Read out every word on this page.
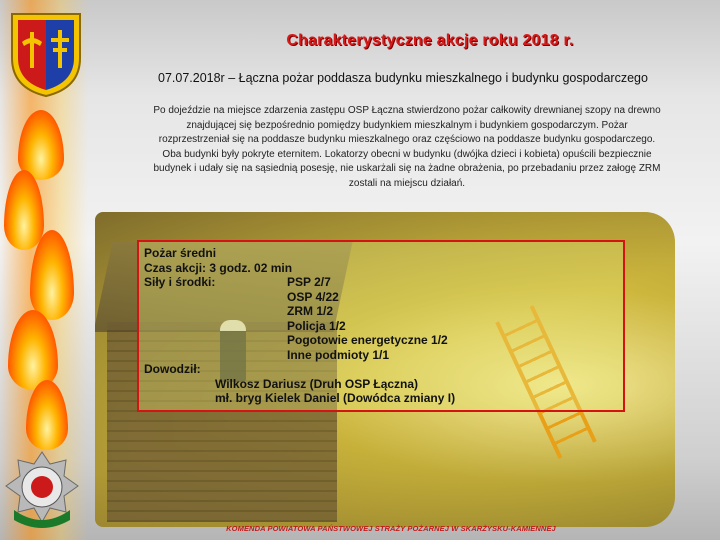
Charakterystyczne akcje roku 2018 r.
07.07.2018r – Łączna pożar poddasza budynku mieszkalnego i budynku gospodarczego
Po dojeździe na miejsce zdarzenia zastępu OSP Łączna stwierdzono pożar całkowity drewnianej szopy na drewno znajdującej się bezpośrednio pomiędzy budynkiem mieszkalnym i budynkiem gospodarczym. Pożar rozprzestrzeniał się na poddasze budynku mieszkalnego oraz częściowo na poddasze budynku gospodarczego. Oba budynki były pokryte eternitem. Lokatorzy obecni w budynku (dwójka dzieci i kobieta) opuścili bezpiecznie budynek i udały się na sąsiednią posesję, nie uskarżali się na żadne obrażenia, po przebadaniu przez załogę ZRM zostali na miejscu działań.
Pożar średni
Czas akcji: 3 godz. 02 min
Siły i środki:	PSP 2/7
OSP 4/22
ZRM 1/2
Policja 1/2
Pogotowie energetyczne 1/2
Inne podmioty 1/1
Dowodził:
Wilkosz Dariusz (Druh OSP Łączna)
mł. bryg Kielek Daniel (Dowódca zmiany I)
KOMENDA POWIATOWA PAŃSTWOWEJ STRAŻY POŻARNEJ W SKARŻYSKU-KAMIENNEJ
